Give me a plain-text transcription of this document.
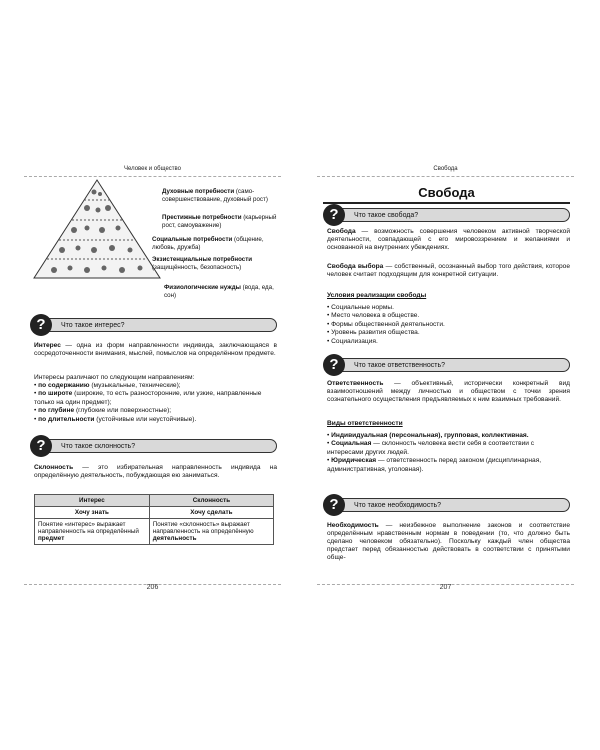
Человек и общество
Духовные потребности (само-совершенствование, духовный рост)
Престижные потребности (карьерный рост, самоуважение)
Социальные потребности (общение, любовь, дружба)
Экзистенциальные потребности (защищённость, безопасность)
Физиологические нужды (вода, еда, сон)
?	Что такое интерес?
Интерес — одна из форм направленности индивида, заключающаяся в сосредоточенности внимания, мыслей, помыслов на определённом предмете.
Интересы различают по следующим направлениям:
• по содержанию (музыкальные, технические);
• по широте (широкие, то есть разносторонние, или узкие, направленные только на один предмет);
• по глубине (глубокие или поверхностные);
• по длительности (устойчивые или неустойчивые).
?	Что такое склонность?
Склонность — это избирательная направленность индивида на определённую деятельность, побуждающая ею заниматься.
Интерес	Склонность
Хочу знать	Хочу сделать
Понятие «интерес» выражает направленность на определённый предмет	Понятие «склонность» выражает направленность на определённую деятельность
206
Свобода
Свобода
?	Что такое свобода?
Свобода — возможность совершения человеком активной творческой деятельности, совпадающей с его мировоззрением и желаниями и основанной на внутренних убеждениях.
Свобода выбора — собственный, осознанный выбор того действия, которое человек считает подходящим для конкретной ситуации.
Условия реализации свободы
• Социальные нормы.
• Место человека в обществе.
• Формы общественной деятельности.
• Уровень развития общества.
• Социализация.
?	Что такое ответственность?
Ответственность — объективный, исторически конкретный вид взаимоотношений между личностью и обществом с точки зрения сознательного осуществления предъявляемых к ним взаимных требований.
Виды ответственности
• Индивидуальная (персональная), групповая, коллективная.
• Социальная — склонность человека вести себя в соответствии с интересами других людей.
• Юридическая — ответственность перед законом (дисциплинарная, административная, уголовная).
?	Что такое необходимость?
Необходимость — неизбежное выполнение законов и соответствие определённым нравственным нормам в поведении (то, что должно быть сделано человеком обязательно). Поскольку каждый член общества предстает перед обязанностью действовать в соответствии с принятыми обще-
207
